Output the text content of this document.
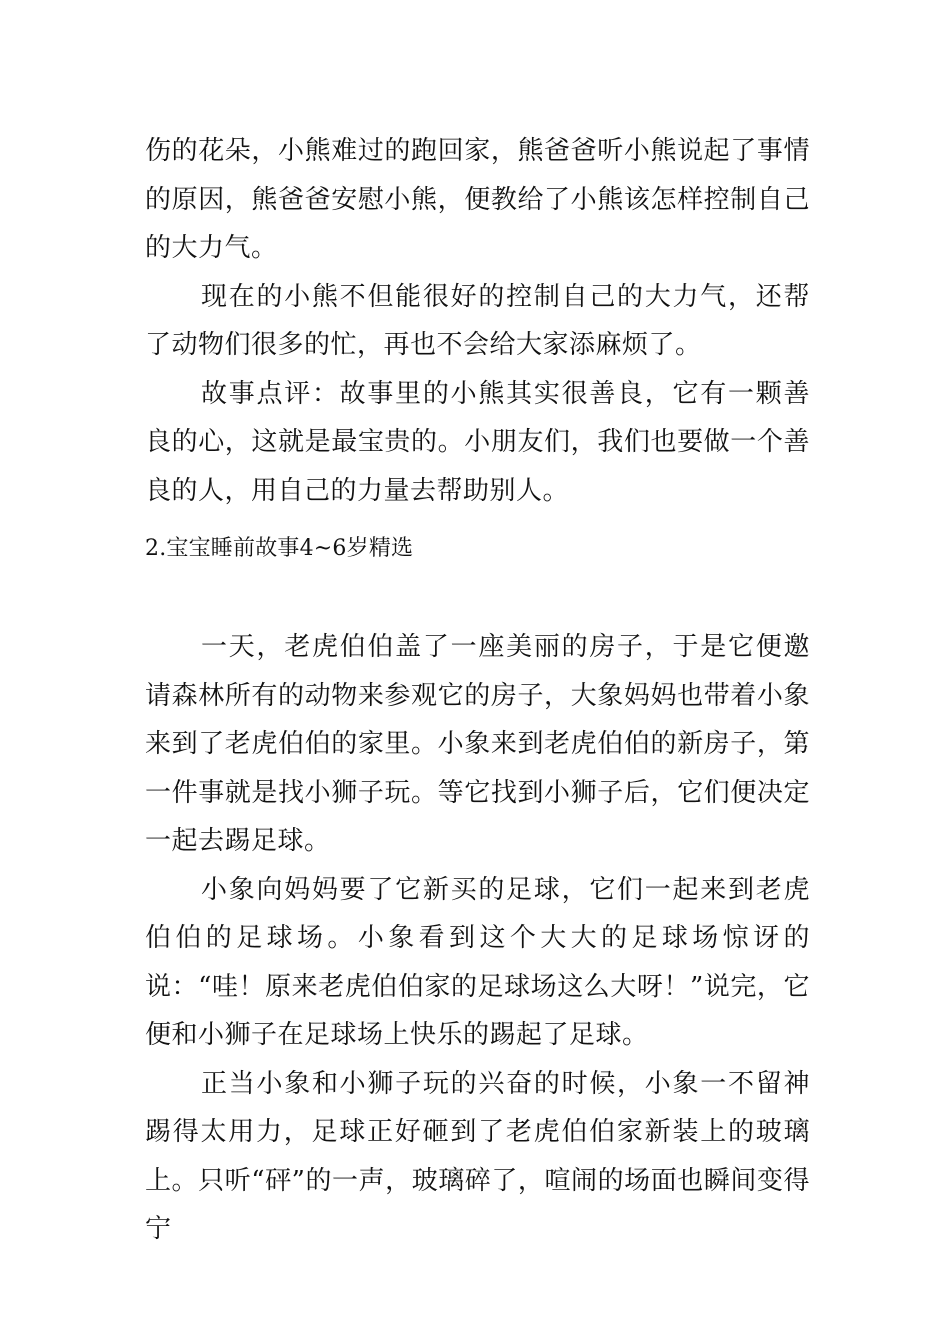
伤的花朵，小熊难过的跑回家，熊爸爸听小熊说起了事情的原因，熊爸爸安慰小熊，便教给了小熊该怎样控制自己的大力气。

现在的小熊不但能很好的控制自己的大力气，还帮了动物们很多的忙，再也不会给大家添麻烦了。

故事点评：故事里的小熊其实很善良，它有一颗善良的心，这就是最宝贵的。小朋友们，我们也要做一个善良的人，用自己的力量去帮助别人。

2.宝宝睡前故事4~6岁精选

一天，老虎伯伯盖了一座美丽的房子，于是它便邀请森林所有的动物来参观它的房子，大象妈妈也带着小象来到了老虎伯伯的家里。小象来到老虎伯伯的新房子，第一件事就是找小狮子玩。等它找到小狮子后，它们便决定一起去踢足球。

小象向妈妈要了它新买的足球，它们一起来到老虎伯伯的足球场。小象看到这个大大的足球场惊讶的说：“哇！原来老虎伯伯家的足球场这么大呀！”说完，它便和小狮子在足球场上快乐的踢起了足球。

正当小象和小狮子玩的兴奋的时候，小象一不留神踢得太用力，足球正好砸到了老虎伯伯家新装上的玻璃上。只听“砰”的一声，玻璃碎了，喧闹的场面也瞬间变得宁
